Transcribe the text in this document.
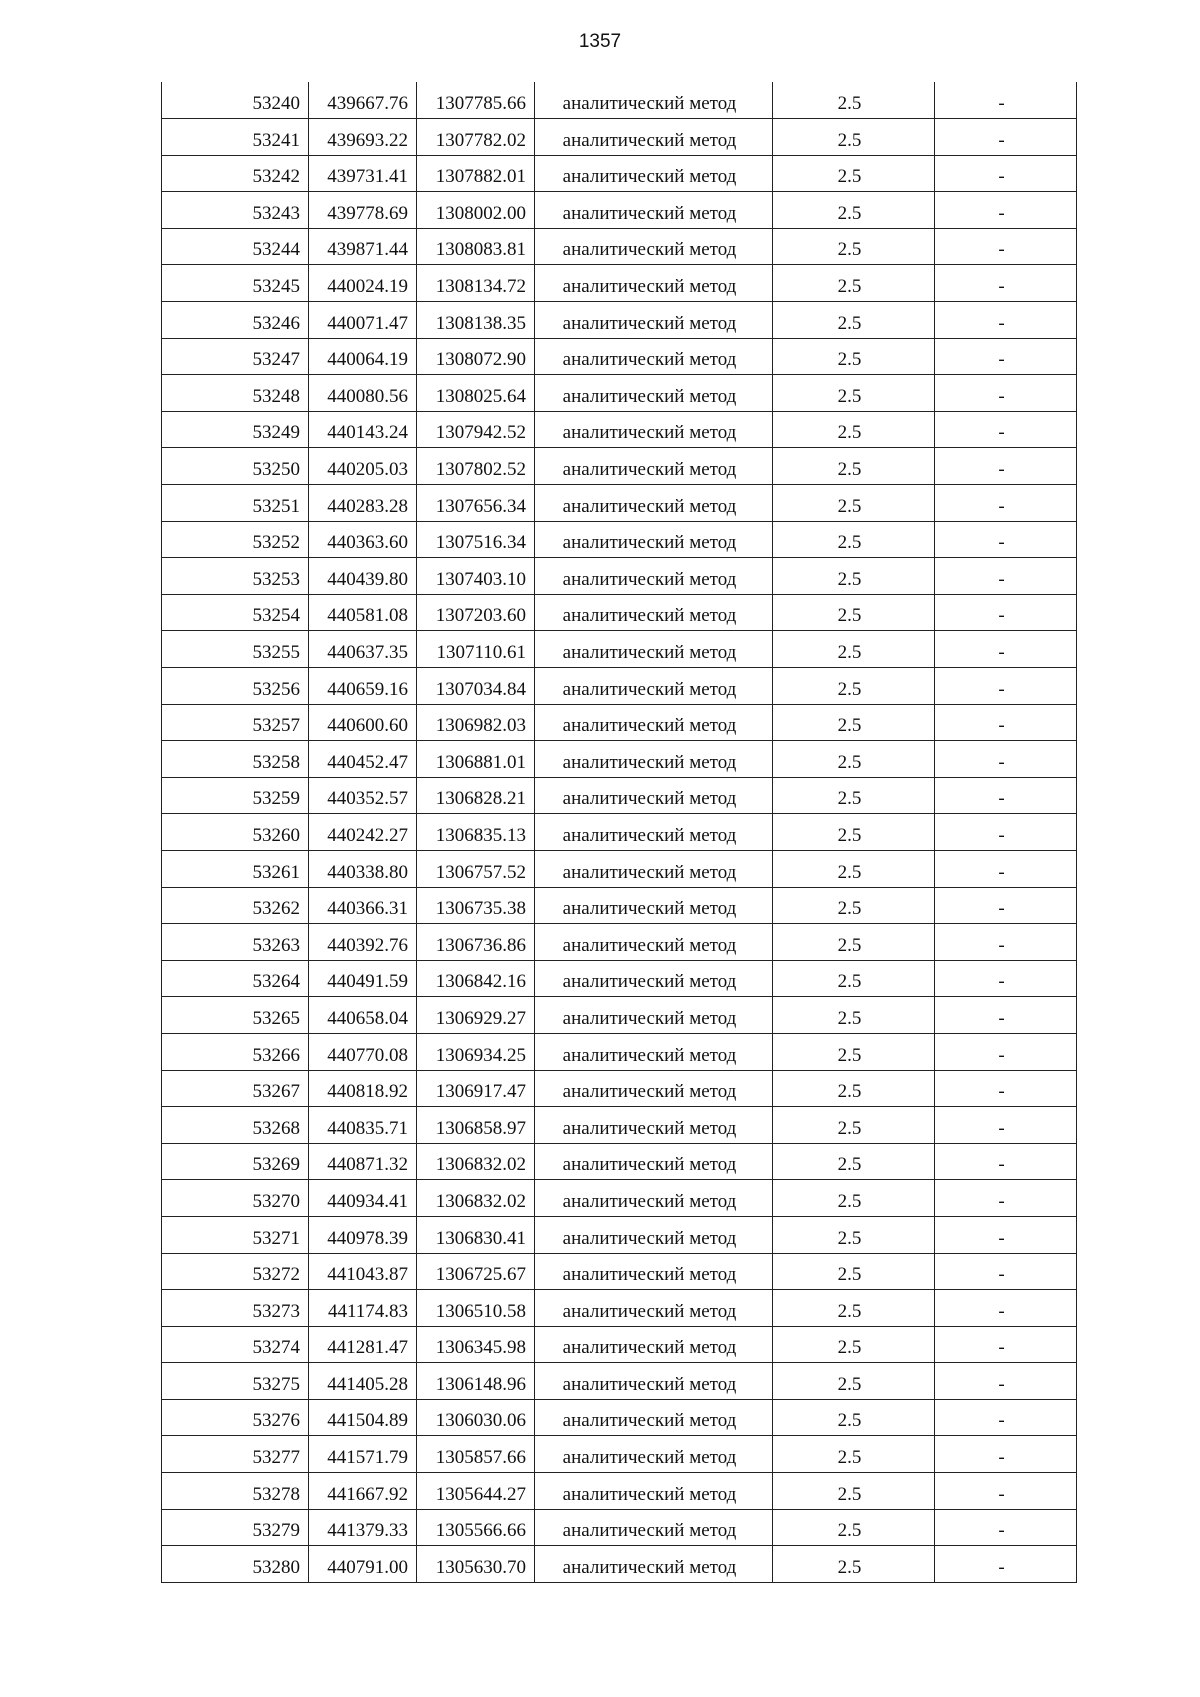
1357
53240	439667.76	1307785.66	аналитический метод	2.5	-
53241	439693.22	1307782.02	аналитический метод	2.5	-
53242	439731.41	1307882.01	аналитический метод	2.5	-
53243	439778.69	1308002.00	аналитический метод	2.5	-
53244	439871.44	1308083.81	аналитический метод	2.5	-
53245	440024.19	1308134.72	аналитический метод	2.5	-
53246	440071.47	1308138.35	аналитический метод	2.5	-
53247	440064.19	1308072.90	аналитический метод	2.5	-
53248	440080.56	1308025.64	аналитический метод	2.5	-
53249	440143.24	1307942.52	аналитический метод	2.5	-
53250	440205.03	1307802.52	аналитический метод	2.5	-
53251	440283.28	1307656.34	аналитический метод	2.5	-
53252	440363.60	1307516.34	аналитический метод	2.5	-
53253	440439.80	1307403.10	аналитический метод	2.5	-
53254	440581.08	1307203.60	аналитический метод	2.5	-
53255	440637.35	1307110.61	аналитический метод	2.5	-
53256	440659.16	1307034.84	аналитический метод	2.5	-
53257	440600.60	1306982.03	аналитический метод	2.5	-
53258	440452.47	1306881.01	аналитический метод	2.5	-
53259	440352.57	1306828.21	аналитический метод	2.5	-
53260	440242.27	1306835.13	аналитический метод	2.5	-
53261	440338.80	1306757.52	аналитический метод	2.5	-
53262	440366.31	1306735.38	аналитический метод	2.5	-
53263	440392.76	1306736.86	аналитический метод	2.5	-
53264	440491.59	1306842.16	аналитический метод	2.5	-
53265	440658.04	1306929.27	аналитический метод	2.5	-
53266	440770.08	1306934.25	аналитический метод	2.5	-
53267	440818.92	1306917.47	аналитический метод	2.5	-
53268	440835.71	1306858.97	аналитический метод	2.5	-
53269	440871.32	1306832.02	аналитический метод	2.5	-
53270	440934.41	1306832.02	аналитический метод	2.5	-
53271	440978.39	1306830.41	аналитический метод	2.5	-
53272	441043.87	1306725.67	аналитический метод	2.5	-
53273	441174.83	1306510.58	аналитический метод	2.5	-
53274	441281.47	1306345.98	аналитический метод	2.5	-
53275	441405.28	1306148.96	аналитический метод	2.5	-
53276	441504.89	1306030.06	аналитический метод	2.5	-
53277	441571.79	1305857.66	аналитический метод	2.5	-
53278	441667.92	1305644.27	аналитический метод	2.5	-
53279	441379.33	1305566.66	аналитический метод	2.5	-
53280	440791.00	1305630.70	аналитический метод	2.5	-
